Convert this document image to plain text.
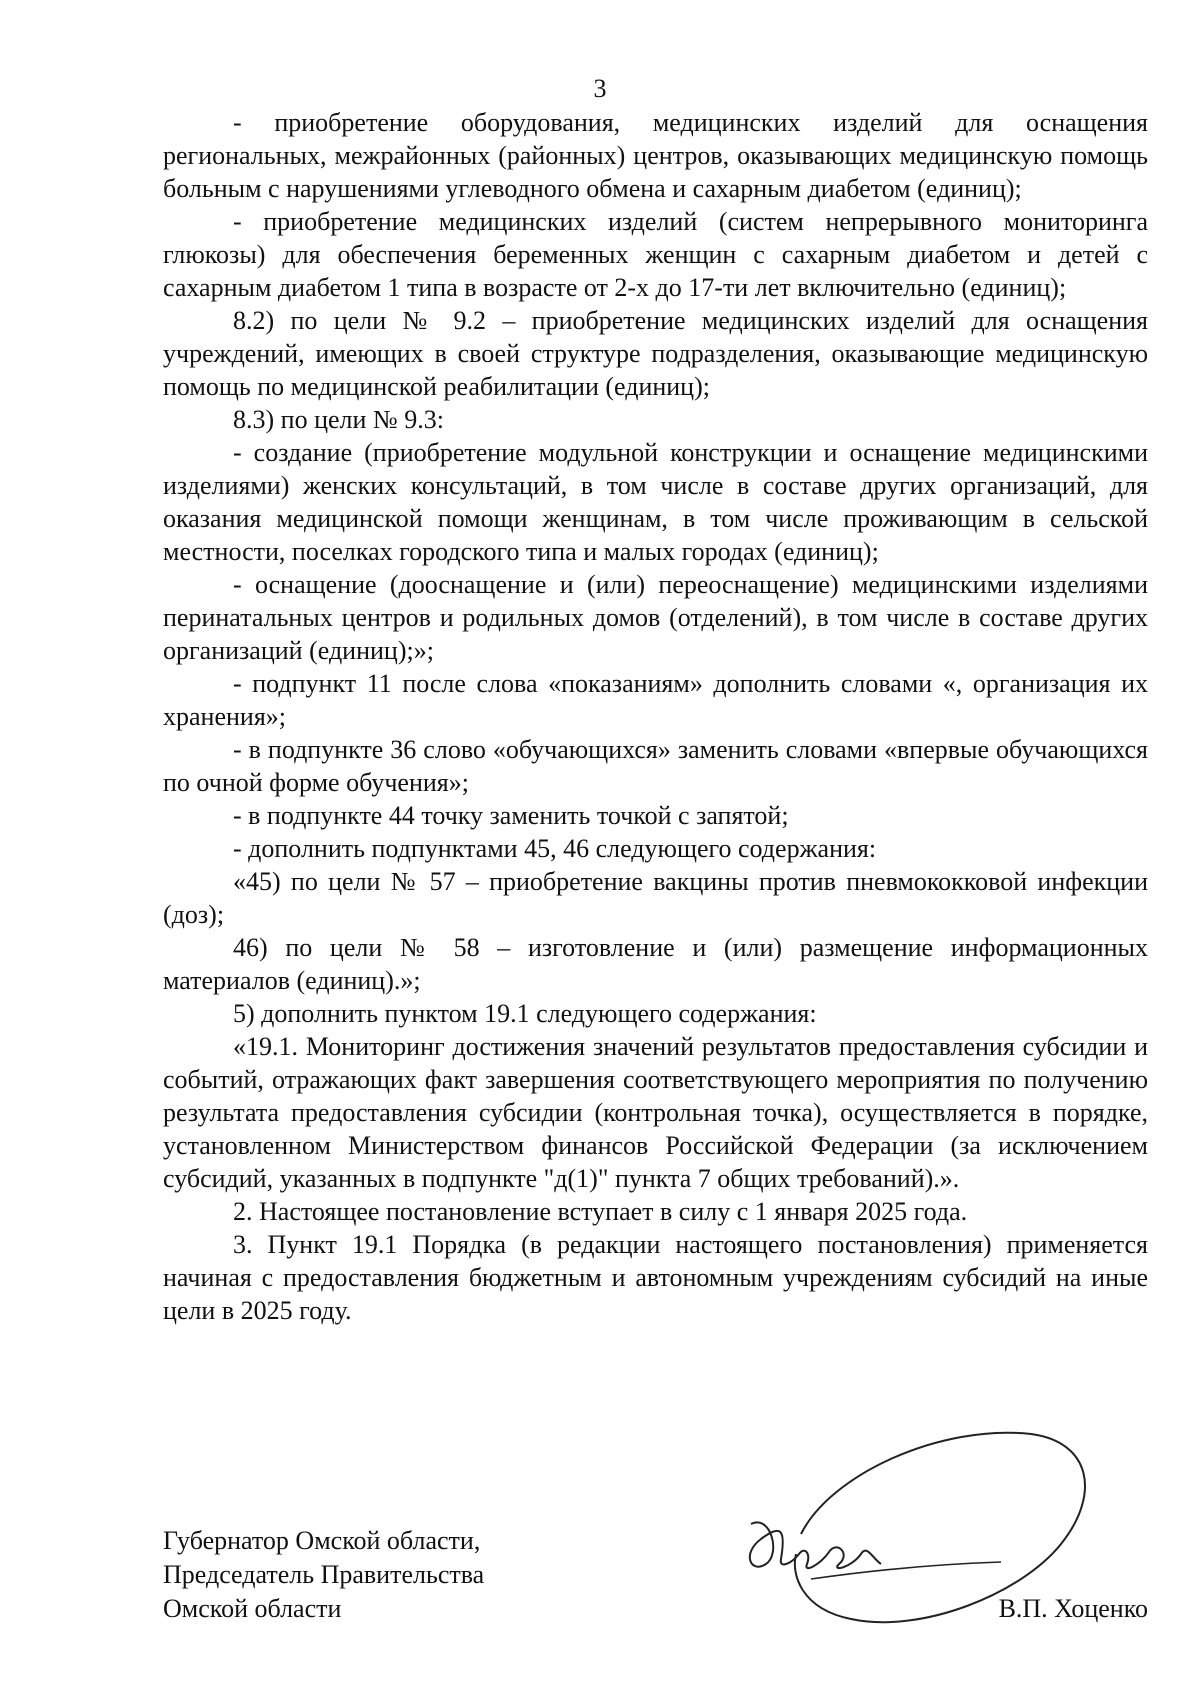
3

- приобретение оборудования, медицинских изделий для оснащения региональных, межрайонных (районных) центров, оказывающих медицинскую помощь больным с нарушениями углеводного обмена и сахарным диабетом (единиц);

- приобретение медицинских изделий (систем непрерывного мониторинга глюкозы) для обеспечения беременных женщин с сахарным диабетом и детей с сахарным диабетом 1 типа в возрасте от 2-х до 17-ти лет включительно (единиц);

8.2) по цели № 9.2 – приобретение медицинских изделий для оснащения учреждений, имеющих в своей структуре подразделения, оказывающие медицинскую помощь по медицинской реабилитации (единиц);

8.3) по цели № 9.3:

- создание (приобретение модульной конструкции и оснащение медицинскими изделиями) женских консультаций, в том числе в составе других организаций, для оказания медицинской помощи женщинам, в том числе проживающим в сельской местности, поселках городского типа и малых городах (единиц);

- оснащение (дооснащение и (или) переоснащение) медицинскими изделиями перинатальных центров и родильных домов (отделений), в том числе в составе других организаций (единиц);»;

- подпункт 11 после слова «показаниям» дополнить словами «, организация их хранения»;

- в подпункте 36 слово «обучающихся» заменить словами «впервые обучающихся по очной форме обучения»;

- в подпункте 44 точку заменить точкой с запятой;

- дополнить подпунктами 45, 46 следующего содержания:

«45) по цели № 57 – приобретение вакцины против пневмококковой инфекции (доз);

46) по цели № 58 – изготовление и (или) размещение информационных материалов (единиц).»;

5) дополнить пунктом 19.1 следующего содержания:

«19.1. Мониторинг достижения значений результатов предоставления субсидии и событий, отражающих факт завершения соответствующего мероприятия по получению результата предоставления субсидии (контрольная точка), осуществляется в порядке, установленном Министерством финансов Российской Федерации (за исключением субсидий, указанных в подпункте "д(1)" пункта 7 общих требований).».

2. Настоящее постановление вступает в силу с 1 января 2025 года.

3. Пункт 19.1 Порядка (в редакции настоящего постановления) применяется начиная с предоставления бюджетным и автономным учреждениям субсидий на иные цели в 2025 году.

Губернатор Омской области,
Председатель Правительства
Омской области	В.П. Хоценко
